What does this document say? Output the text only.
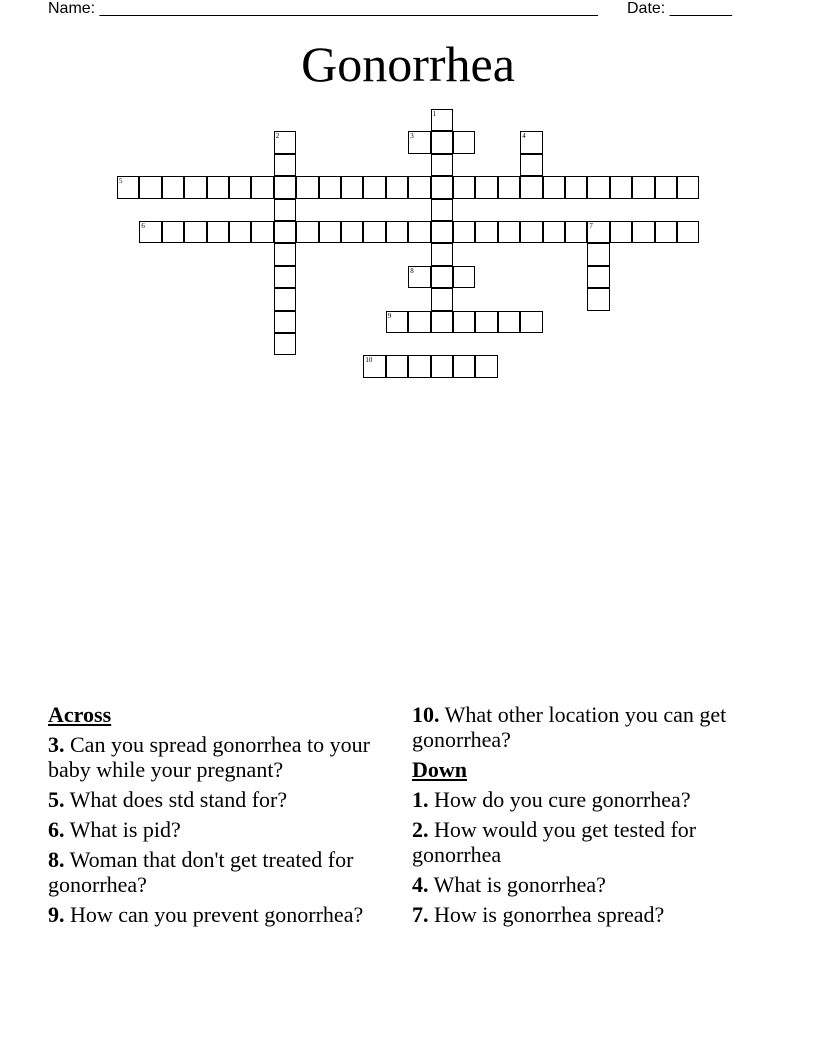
Name: ________________________________________________________ Date: _______
Gonorrhea
3
5
6	7
8
9
10
1
2	4
Across
3. Can you spread gonorrhea to your baby while your pregnant?
5. What does std stand for?
6. What is pid?
8. Woman that don't get treated for gonorrhea?
9. How can you prevent gonorrhea?
10. What other location you can get gonorrhea?
Down
1. How do you cure gonorrhea?
2. How would you get tested for gonorrhea
4. What is gonorrhea?
7. How is gonorrhea spread?
